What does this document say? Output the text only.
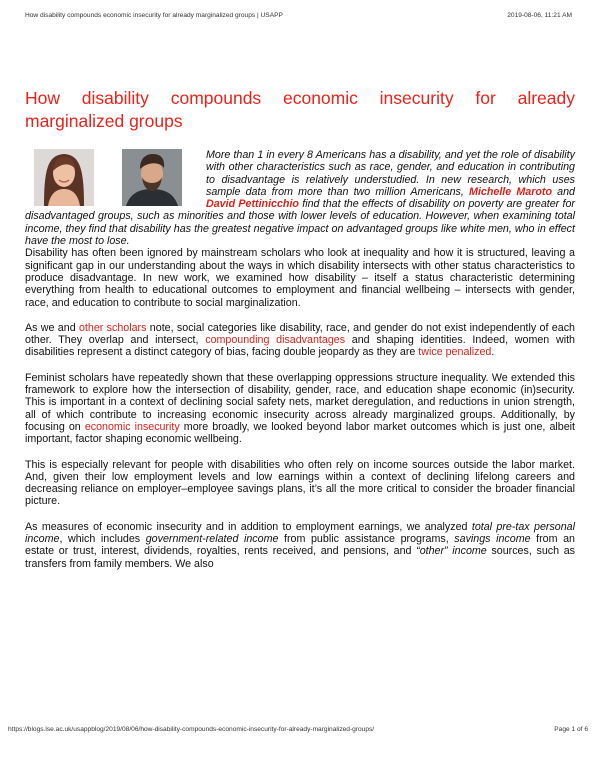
How disability compounds economic insecurity for already marginalized groups | USAPP	2019-08-06, 11:21 AM
How disability compounds economic insecurity for already
marginalized groups

More than 1 in every 8 Americans has a disability, and yet the role of disability with other characteristics such as race, gender, and education in contributing to disadvantage is relatively understudied. In new research, which uses sample data from more than two million Americans, Michelle Maroto and David Pettinicchio find that the effects of disability on poverty are greater for disadvantaged groups, such as minorities and those with lower levels of education. However, when examining total income, they find that disability has the greatest negative impact on advantaged groups like white men, who in effect have the most to lose.

Disability has often been ignored by mainstream scholars who look at inequality and how it is structured, leaving a significant gap in our understanding about the ways in which disability intersects with other status characteristics to produce disadvantage. In new work, we examined how disability – itself a status characteristic determining everything from health to educational outcomes to employment and financial wellbeing – intersects with gender, race, and education to contribute to social marginalization.

As we and other scholars note, social categories like disability, race, and gender do not exist independently of each other. They overlap and intersect, compounding disadvantages and shaping identities. Indeed, women with disabilities represent a distinct category of bias, facing double jeopardy as they are twice penalized.

Feminist scholars have repeatedly shown that these overlapping oppressions structure inequality. We extended this framework to explore how the intersection of disability, gender, race, and education shape economic (in)security. This is important in a context of declining social safety nets, market deregulation, and reductions in union strength, all of which contribute to increasing economic insecurity across already marginalized groups. Additionally, by focusing on economic insecurity more broadly, we looked beyond labor market outcomes which is just one, albeit important, factor shaping economic wellbeing.

This is especially relevant for people with disabilities who often rely on income sources outside the labor market. And, given their low employment levels and low earnings within a context of declining lifelong careers and decreasing reliance on employer–employee savings plans, it’s all the more critical to consider the broader financial picture.

As measures of economic insecurity and in addition to employment earnings, we analyzed total pre-tax personal income, which includes government-related income from public assistance programs, savings income from an estate or trust, interest, dividends, royalties, rents received, and pensions, and “other” income sources, such as transfers from family members. We also

https://blogs.lse.ac.uk/usappblog/2019/08/06/how-disability-compounds-economic-insecurity-for-already-marginalized-groups/	Page 1 of 6
